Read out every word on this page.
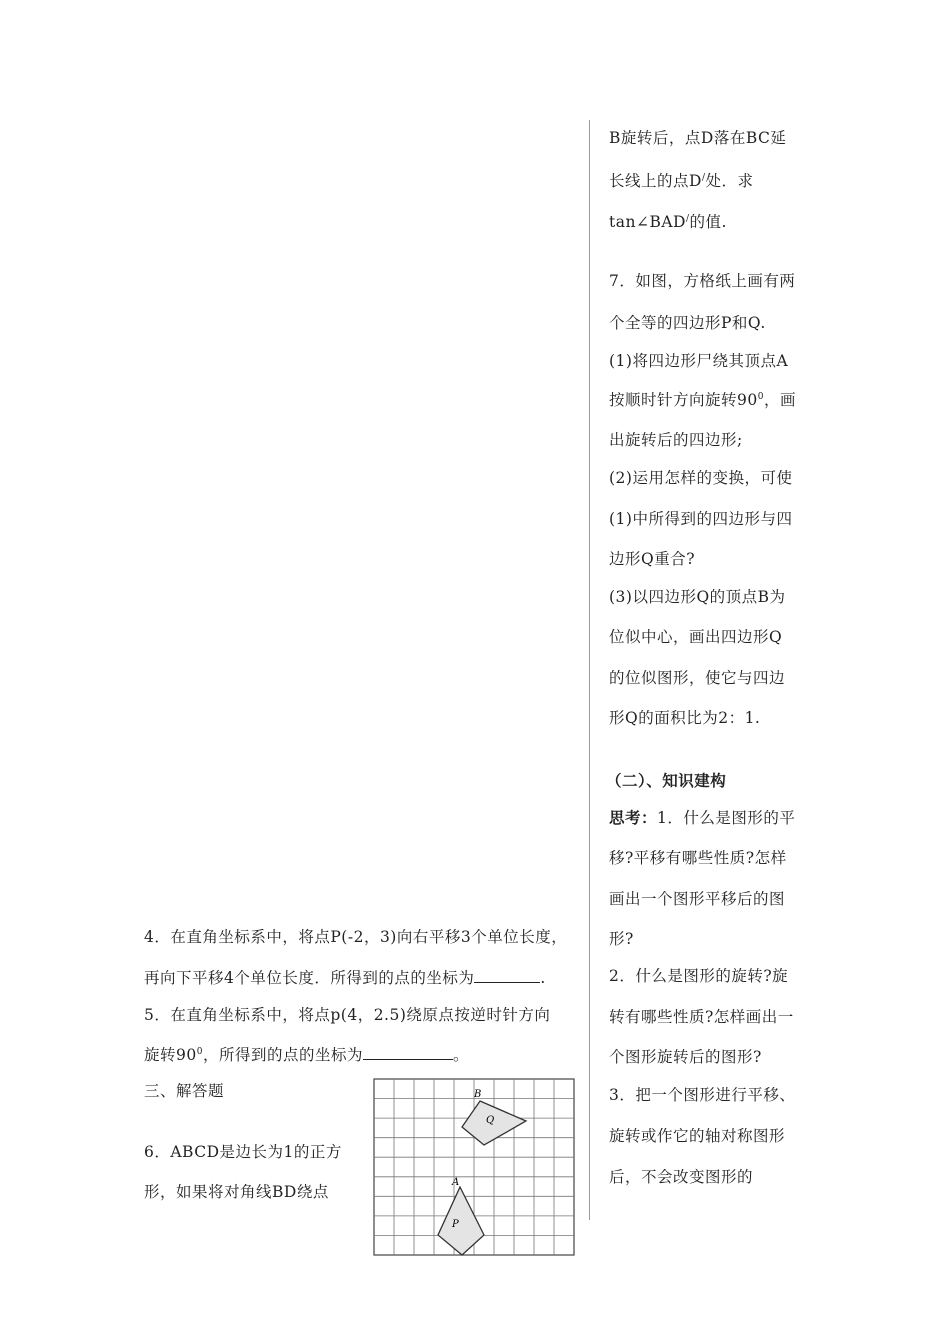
B旋转后，点D落在BC延
长线上的点D/处．求
tan∠BAD/的值.
7．如图，方格纸上画有两
个全等的四边形P和Q.
(1)将四边形尸绕其顶点A
按顺时针方向旋转$90^0$，画
出旋转后的四边形;
(2)运用怎样的变换，可使
(1)中所得到的四边形与四
边形Q重合?
(3)以四边形Q的顶点B为
位似中心，画出四边形Q
的位似图形，使它与四边
形Q的面积比为2：1.
（二）、知识建构
思考：1．什么是图形的平
移?平移有哪些性质?怎样
画出一个图形平移后的图
形?
2．什么是图形的旋转?旋
转有哪些性质?怎样画出一
个图形旋转后的图形?
3．把一个图形进行平移、
旋转或作它的轴对称图形
后，不会改变图形的
4．在直角坐标系中，将点P(-2，3)向右平移3个单位长度，
再向下平移4个单位长度．所得到的点的坐标为	.
5．在直角坐标系中，将点p(4，2.5)绕原点按逆时针方向
旋转$90^0$，所得到的点的坐标为	。
三、解答题
6．ABCD是边长为1的正方
形，如果将对角线BD绕点
B
Q
A
P
